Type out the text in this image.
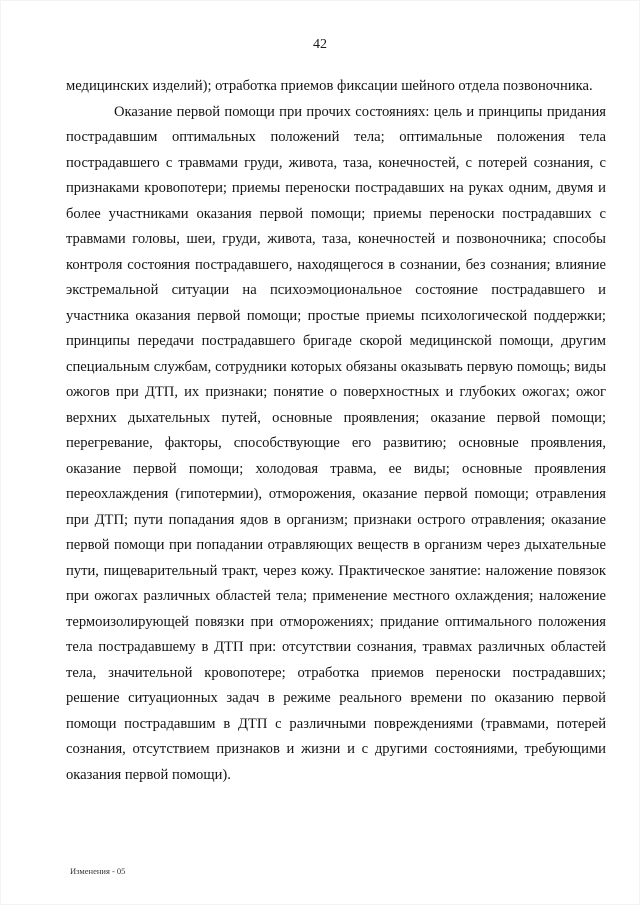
42

медицинских изделий); отработка приемов фиксации шейного отдела позвоночника.

Оказание первой помощи при прочих состояниях: цель и принципы придания пострадавшим оптимальных положений тела; оптимальные положения тела пострадавшего с травмами груди, живота, таза, конечностей, с потерей сознания, с признаками кровопотери; приемы переноски пострадавших на руках одним, двумя и более участниками оказания первой помощи; приемы переноски пострадавших с травмами головы, шеи, груди, живота, таза, конечностей и позвоночника; способы контроля состояния пострадавшего, находящегося в сознании, без сознания; влияние экстремальной ситуации на психоэмоциональное состояние пострадавшего и участника оказания первой помощи; простые приемы психологической поддержки; принципы передачи пострадавшего бригаде скорой медицинской помощи, другим специальным службам, сотрудники которых обязаны оказывать первую помощь; виды ожогов при ДТП, их признаки; понятие о поверхностных и глубоких ожогах; ожог верхних дыхательных путей, основные проявления; оказание первой помощи; перегревание, факторы, способствующие его развитию; основные проявления, оказание первой помощи; холодовая травма, ее виды; основные проявления переохлаждения (гипотермии), отморожения, оказание первой помощи; отравления при ДТП; пути попадания ядов в организм; признаки острого отравления; оказание первой помощи при попадании отравляющих веществ в организм через дыхательные пути, пищеварительный тракт, через кожу. Практическое занятие: наложение повязок при ожогах различных областей тела; применение местного охлаждения; наложение термоизолирующей повязки при отморожениях; придание оптимального положения тела пострадавшему в ДТП при: отсутствии сознания, травмах различных областей тела, значительной кровопотере; отработка приемов переноски пострадавших; решение ситуационных задач в режиме реального времени по оказанию первой помощи пострадавшим в ДТП с различными повреждениями (травмами, потерей сознания, отсутствием признаков и жизни и с другими состояниями, требующими оказания первой помощи).

Изменения - 05
